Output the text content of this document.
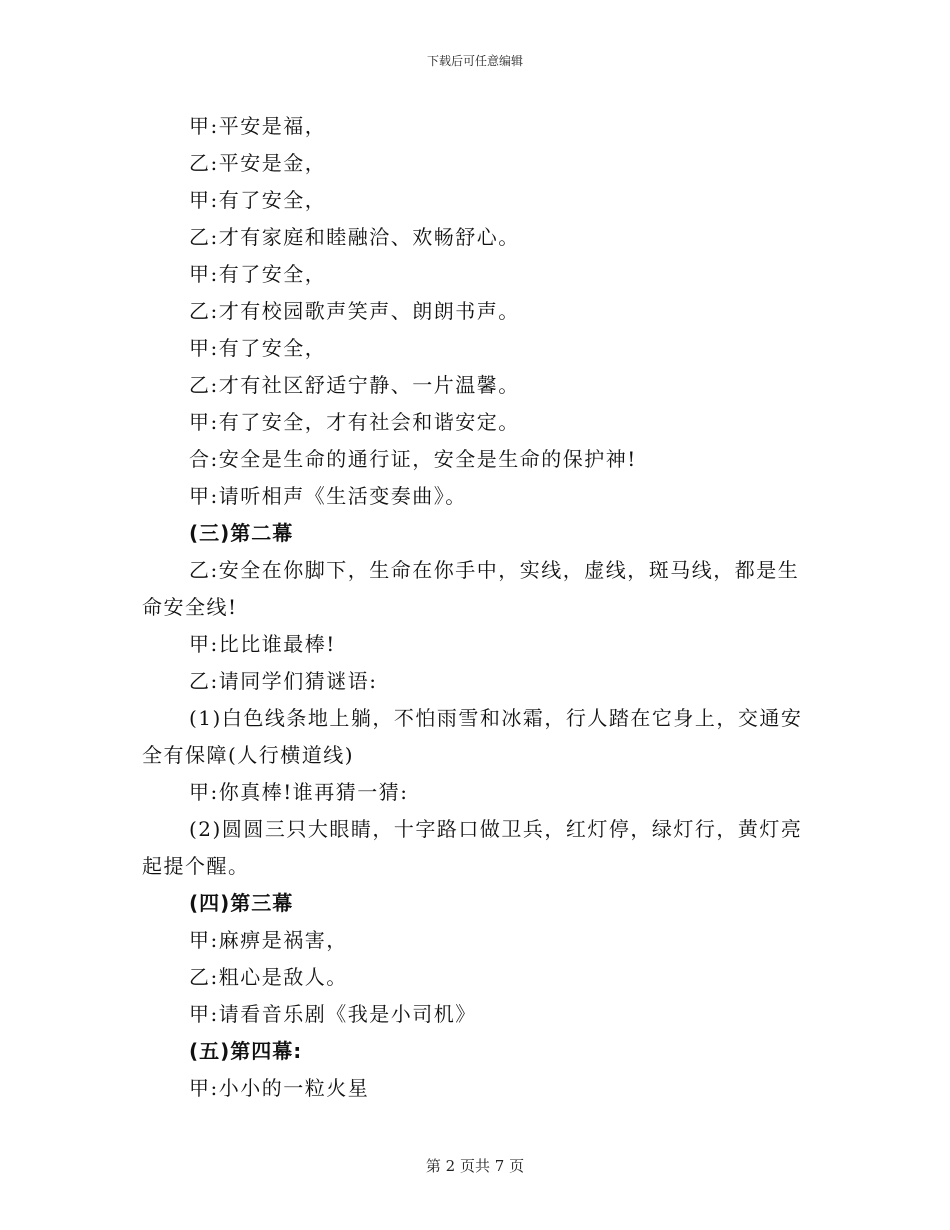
下载后可任意编辑

甲:平安是福，

乙:平安是金，

甲:有了安全，

乙:才有家庭和睦融洽、欢畅舒心。

甲:有了安全，

乙:才有校园歌声笑声、朗朗书声。

甲:有了安全，

乙:才有社区舒适宁静、一片温馨。

甲:有了安全，才有社会和谐安定。

合:安全是生命的通行证，安全是生命的保护神!

甲:请听相声《生活变奏曲》。

(三)第二幕

乙:安全在你脚下，生命在你手中，实线，虚线，斑马线，都是生命安全线!

甲:比比谁最棒!

乙:请同学们猜谜语:

(1)白色线条地上躺，不怕雨雪和冰霜，行人踏在它身上，交通安全有保障(人行横道线)

甲:你真棒!谁再猜一猜:

(2)圆圆三只大眼睛，十字路口做卫兵，红灯停，绿灯行，黄灯亮起提个醒。

(四)第三幕

甲:麻痹是祸害，

乙:粗心是敌人。

甲:请看音乐剧《我是小司机》

(五)第四幕:

甲:小小的一粒火星

第 2 页共 7 页
